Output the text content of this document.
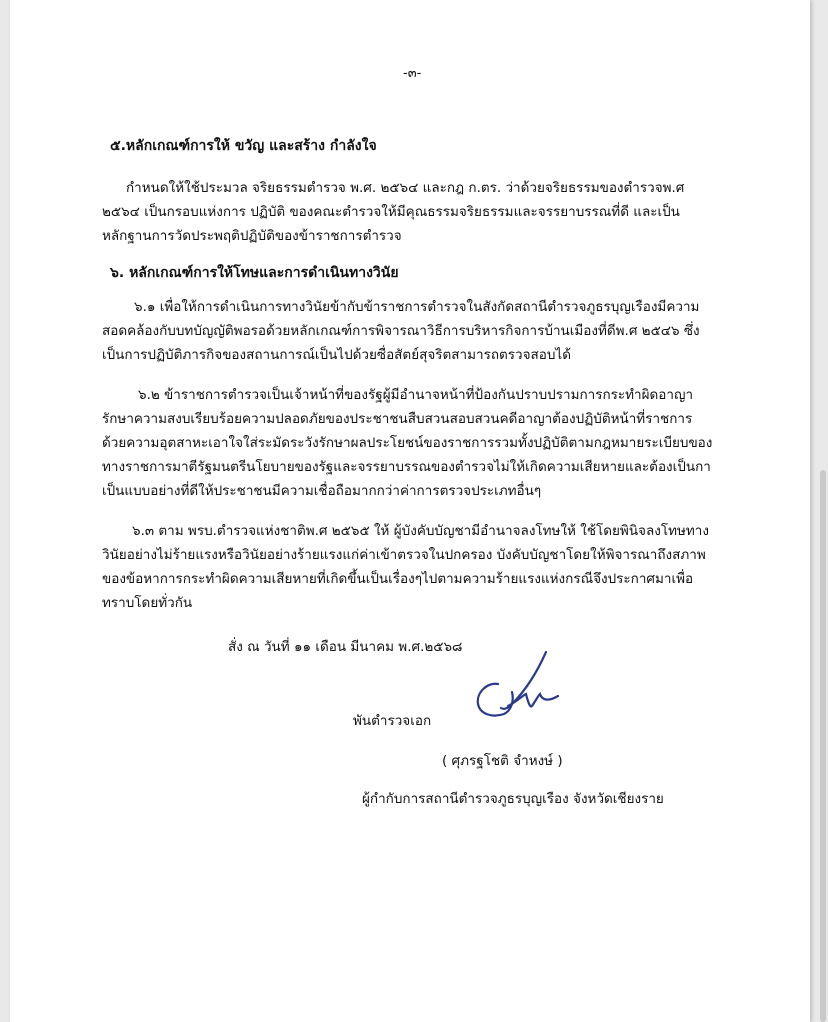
-๓-
๕.หลักเกณฑ์การให้ ขวัญ และสร้าง กำลังใจ
กำหนดให้ใช้ประมวล จริยธรรมตำรวจ พ.ศ. ๒๕๖๔ และกฎ ก.ตร. ว่าด้วยจริยธรรมของตำรวจพ.ศ
๒๕๖๔ เป็นกรอบแห่งการ ปฏิบัติ ของคณะตำรวจให้มีคุณธรรมจริยธรรมและจรรยาบรรณที่ดี และเป็น
หลักฐานการวัดประพฤติปฏิบัติของข้าราชการตำรวจ
๖. หลักเกณฑ์การให้โทษและการดำเนินทางวินัย
๖.๑ เพื่อให้การดำเนินการทางวินัยข้ากับข้าราชการตำรวจในสังกัดสถานีตำรวจภูธรบุญเรืองมีความ
สอดคล้องกับบทบัญญัติพอรอด้วยหลักเกณฑ์การพิจารณาวิธีการบริหารกิจการบ้านเมืองที่ดีพ.ศ ๒๕๔๖ ซึ่ง
เป็นการปฏิบัติภารกิจของสถานการณ์เป็นไปด้วยซื่อสัตย์สุจริตสามารถตรวจสอบได้
๖.๒ ข้าราชการตำรวจเป็นเจ้าหน้าที่ของรัฐผู้มีอำนาจหน้าที่ป้องกันปราบปรามการกระทำผิดอาญา
รักษาความสงบเรียบร้อยความปลอดภัยของประชาชนสืบสวนสอบสวนคดีอาญาต้องปฏิบัติหน้าที่ราชการ
ด้วยความอุตสาหะเอาใจใส่ระมัดระวังรักษาผลประโยชน์ของราชการรวมทั้งปฏิบัติตามกฎหมายระเบียบของ
ทางราชการมาตีรัฐมนตรีนโยบายของรัฐและจรรยาบรรณของตำรวจไม่ให้เกิดความเสียหายและต้องเป็นกา
เป็นแบบอย่างที่ดีให้ประชาชนมีความเชื่อถือมากกว่าค่าการตรวจประเภทอื่นๆ
๖.๓ ตาม พรบ.ตำรวจแห่งชาติพ.ศ ๒๕๖๕ ให้ ผู้บังคับบัญชามีอำนาจลงโทษให้ ใช้โดยพินิจลงโทษทาง
วินัยอย่างไม่ร้ายแรงหรือวินัยอย่างร้ายแรงแก่ค่าเข้าตรวจในปกครอง บังคับบัญชาโดยให้พิจารณาถึงสภาพ
ของข้อหาการกระทำผิดความเสียหายที่เกิดขึ้นเป็นเรื่องๆไปตามความร้ายแรงแห่งกรณีจึงประกาศมาเพื่อ
ทราบโดยทั่วกัน
สั่ง ณ วันที่ ๑๑ เดือน มีนาคม พ.ศ.๒๕๖๘
พันตำรวจเอก
( ศุภรฐโชติ จำหงษ์ )
ผู้กำกับการสถานีตำรวจภูธรบุญเรือง จังหวัดเชียงราย
